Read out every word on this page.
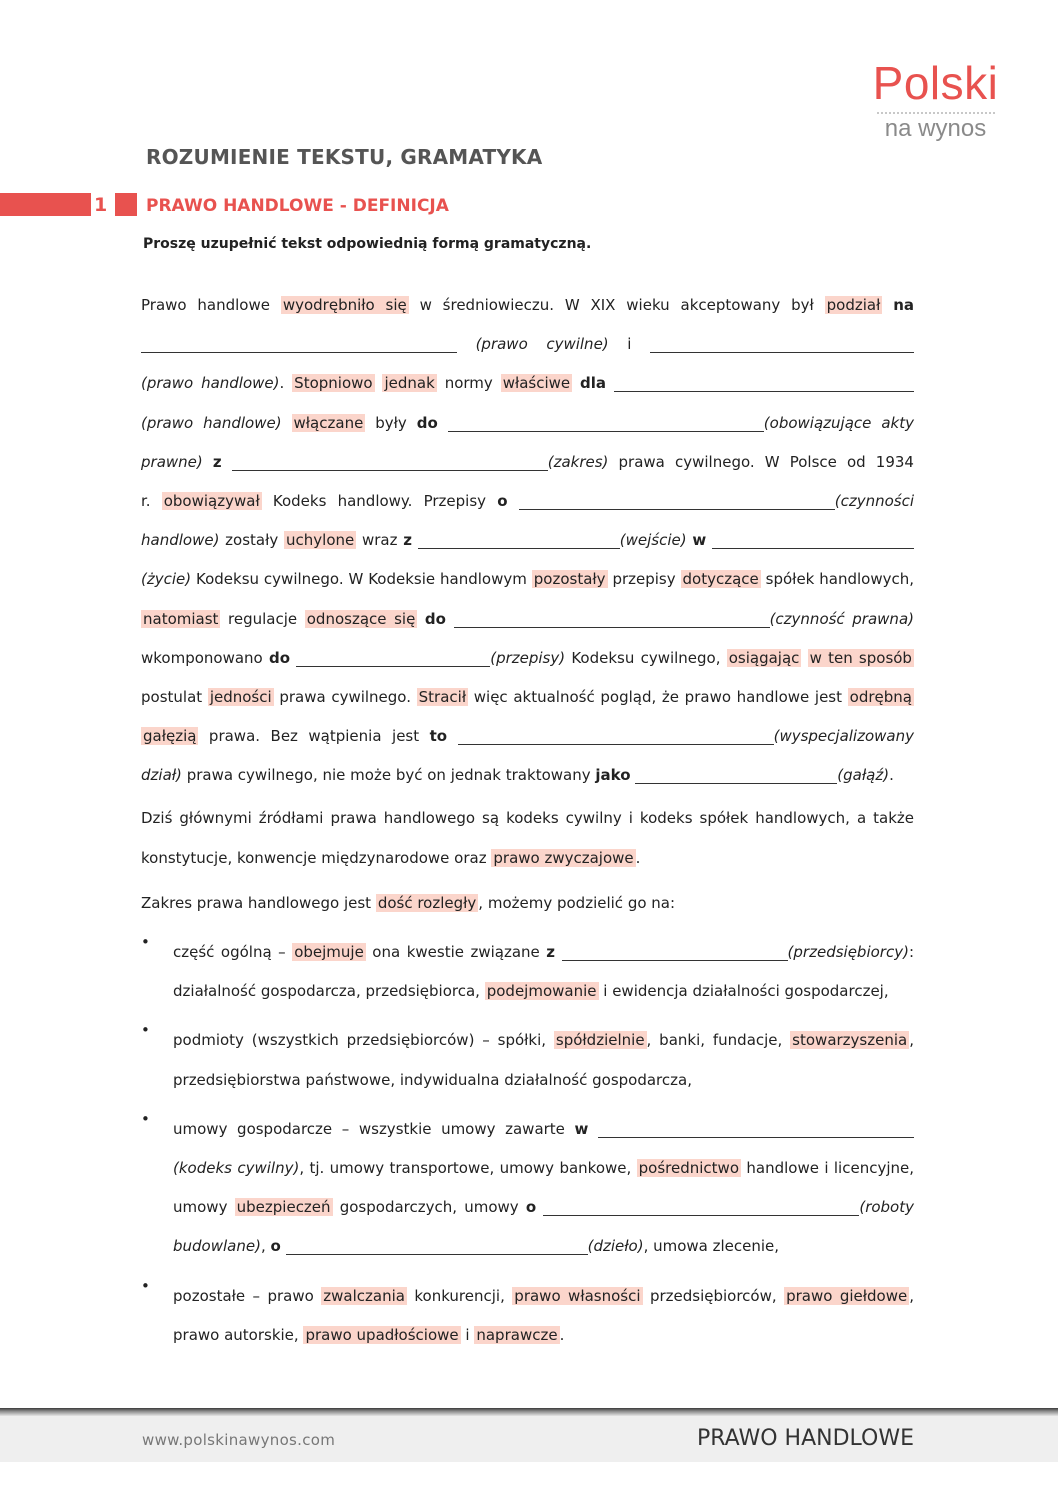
Polski
na wynos
ROZUMIENIE TEKSTU, GRAMATYKA
1 PRAWO HANDLOWE - DEFINICJA
Proszę uzupełnić tekst odpowiednią formą gramatyczną.
Prawo handlowe wyodrębniło się w średniowieczu. W XIX wieku akceptowany był podział na
(prawo cywilne) i
(prawo handlowe). Stopniowo jednak normy właściwe dla
(prawo handlowe) włączane były do	(obowiązujące akty
prawne) z	(zakres) prawa cywilnego. W Polsce od 1934
r. obowiązywał Kodeks handlowy. Przepisy o	(czynności
handlowe) zostały uchylone wraz z	(wejście) w
(życie) Kodeksu cywilnego. W Kodeksie handlowym pozostały przepisy dotyczące spółek handlowych,
natomiast regulacje odnoszące się do	(czynność prawna)
wkomponowano do	(przepisy) Kodeksu cywilnego, osiągając w ten sposób
postulat jedności prawa cywilnego. Stracił więc aktualność pogląd, że prawo handlowe jest odrębną
gałęzią prawa. Bez wątpienia jest to	(wyspecjalizowany
dział) prawa cywilnego, nie może być on jednak traktowany jako	(gałąź).
Dziś głównymi źródłami prawa handlowego są kodeks cywilny i kodeks spółek handlowych, a także
konstytucje, konwencje międzynarodowe oraz prawo zwyczajowe .
Zakres prawa handlowego jest dość rozległy , możemy podzielić go na:
•
część ogólną – obejmuje ona kwestie związane z	(przedsiębiorcy):
działalność gospodarcza, przedsiębiorca, podejmowanie i ewidencja działalności gospodarczej,
•
podmioty (wszystkich przedsiębiorców) – spółki, spółdzielnie , banki, fundacje, stowarzyszenia ,
przedsiębiorstwa państwowe, indywidualna działalność gospodarcza,
•
umowy gospodarcze – wszystkie umowy zawarte w
(kodeks cywilny), tj. umowy transportowe, umowy bankowe, pośrednictwo handlowe i licencyjne,
umowy ubezpieczeń gospodarczych, umowy o	(roboty
budowlane), o	(dzieło), umowa zlecenie,
•
pozostałe – prawo zwalczania konkurencji, prawo własności przedsiębiorców, prawo giełdowe ,
prawo autorskie, prawo upadłościowe i naprawcze .
www.polskinawynos.com	PRAWO HANDLOWE
